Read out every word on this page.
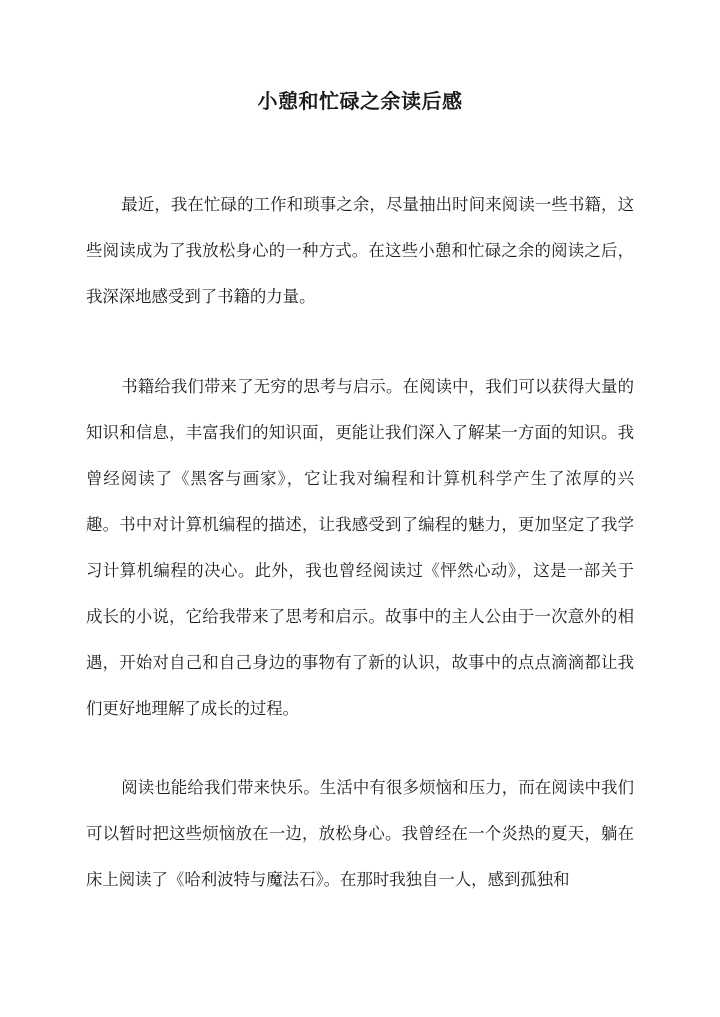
小憩和忙碌之余读后感

最近，我在忙碌的工作和琐事之余，尽量抽出时间来阅读一些书籍，这些阅读成为了我放松身心的一种方式。在这些小憩和忙碌之余的阅读之后，我深深地感受到了书籍的力量。

书籍给我们带来了无穷的思考与启示。在阅读中，我们可以获得大量的知识和信息，丰富我们的知识面，更能让我们深入了解某一方面的知识。我曾经阅读了《黑客与画家》，它让我对编程和计算机科学产生了浓厚的兴趣。书中对计算机编程的描述，让我感受到了编程的魅力，更加坚定了我学习计算机编程的决心。此外，我也曾经阅读过《怦然心动》，这是一部关于成长的小说，它给我带来了思考和启示。故事中的主人公由于一次意外的相遇，开始对自己和自己身边的事物有了新的认识，故事中的点点滴滴都让我们更好地理解了成长的过程。

阅读也能给我们带来快乐。生活中有很多烦恼和压力，而在阅读中我们可以暂时把这些烦恼放在一边，放松身心。我曾经在一个炎热的夏天，躺在床上阅读了《哈利波特与魔法石》。在那时我独自一人，感到孤独和
